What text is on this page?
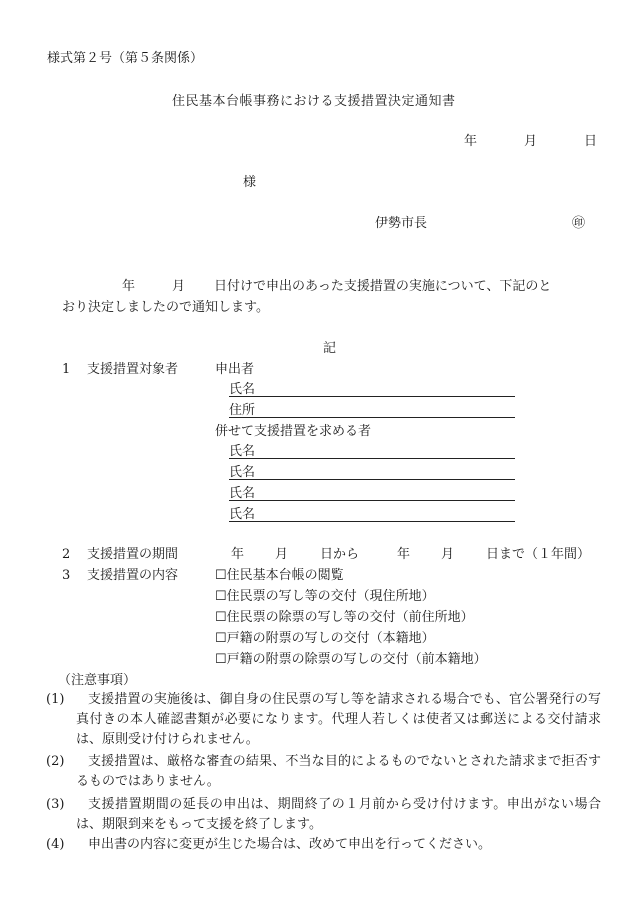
様式第２号（第５条関係）
住民基本台帳事務における支援措置決定通知書
年	月	日
様
伊勢市長	㊞
年	月 日付けで申出のあった支援措置の実施について、下記のと
おり決定しましたので通知します。
記
1 支援措置対象者	申出者
氏名
住所
併せて支援措置を求める者
氏名
氏名
氏名
氏名
2 支援措置の期間	年 月 日から	年 月 日まで（１年間）
3 支援措置の内容	☐住民基本台帳の閲覧
☐住民票の写し等の交付（現住所地）
☐住民票の除票の写し等の交付（前住所地）
☐戸籍の附票の写しの交付（本籍地）
☐戸籍の附票の除票の写しの交付（前本籍地）
（注意事項）
(1)	支援措置の実施後は、御自身の住民票の写し等を請求される場合でも、官公署発行の写真付きの本人確認書類が必要になります。代理人若しくは使者又は郵送による交付請求は、原則受け付けられません。
(2)	支援措置は、厳格な審査の結果、不当な目的によるものでないとされた請求まで拒否するものではありません。
(3)	支援措置期間の延長の申出は、期間終了の１月前から受け付けます。申出がない場合は、期限到来をもって支援を終了します。
(4)	申出書の内容に変更が生じた場合は、改めて申出を行ってください。
